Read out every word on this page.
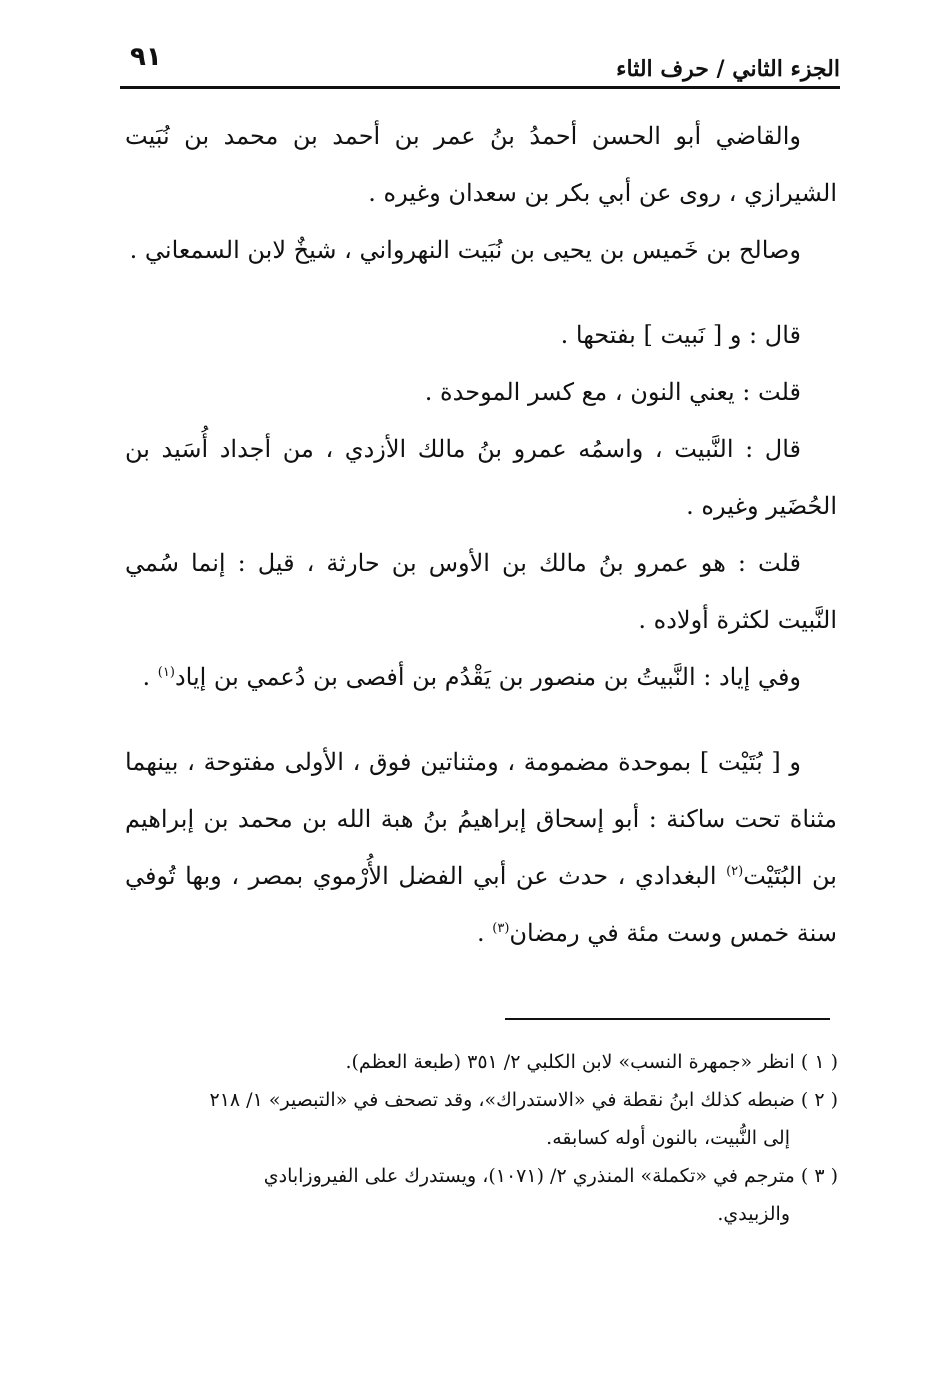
٩١	الجزء الثاني / حرف الثاء

والقاضي أبو الحسن أحمدُ بنُ عمر بن أحمد بن محمد بن نُبَيت الشيرازي ، روى عن أبي بكر بن سعدان وغيره .

وصالح بن خَميس بن يحيى بن نُبَيت النهرواني ، شيخٌ لابن السمعاني .

قال : و [ نَبيت ] بفتحها .

قلت : يعني النون ، مع كسر الموحدة .

قال : النَّبيت ، واسمُه عمرو بنُ مالك الأزدي ، من أجداد أُسَيد بن الحُضَير وغيره .

قلت : هو عمرو بنُ مالك بن الأوس بن حارثة ، قيل : إنما سُمي النَّبيت لكثرة أولاده .

وفي إياد : النَّبيتُ بن منصور بن يَقْدُم بن أفصى بن دُعمي بن إياد$^{(١)}$ .

و [ بُتَيْت ] بموحدة مضمومة ، ومثناتين فوق ، الأولى مفتوحة ، بينهما مثناة تحت ساكنة : أبو إسحاق إبراهيمُ بنُ هبة الله بن محمد بن إبراهيم بن البُتَيْت$^{(٢)}$ البغدادي ، حدث عن أبي الفضل الأُرْموي بمصر ، وبها تُوفي سنة خمس وست مئة في رمضان$^{(٣)}$ .

( ١ ) انظر «جمهرة النسب» لابن الكلبي ٢/ ٣٥١ (طبعة العظم).

( ٢ ) ضبطه كذلك ابنُ نقطة في «الاستدراك»، وقد تصحف في «التبصير» ١/ ٢١٨

إلى النُّبيت، بالنون أوله كسابقه.

( ٣ ) مترجم في «تكملة» المنذري ٢/ (١٠٧١)، ويستدرك على الفيروزابادي

والزبيدي.
